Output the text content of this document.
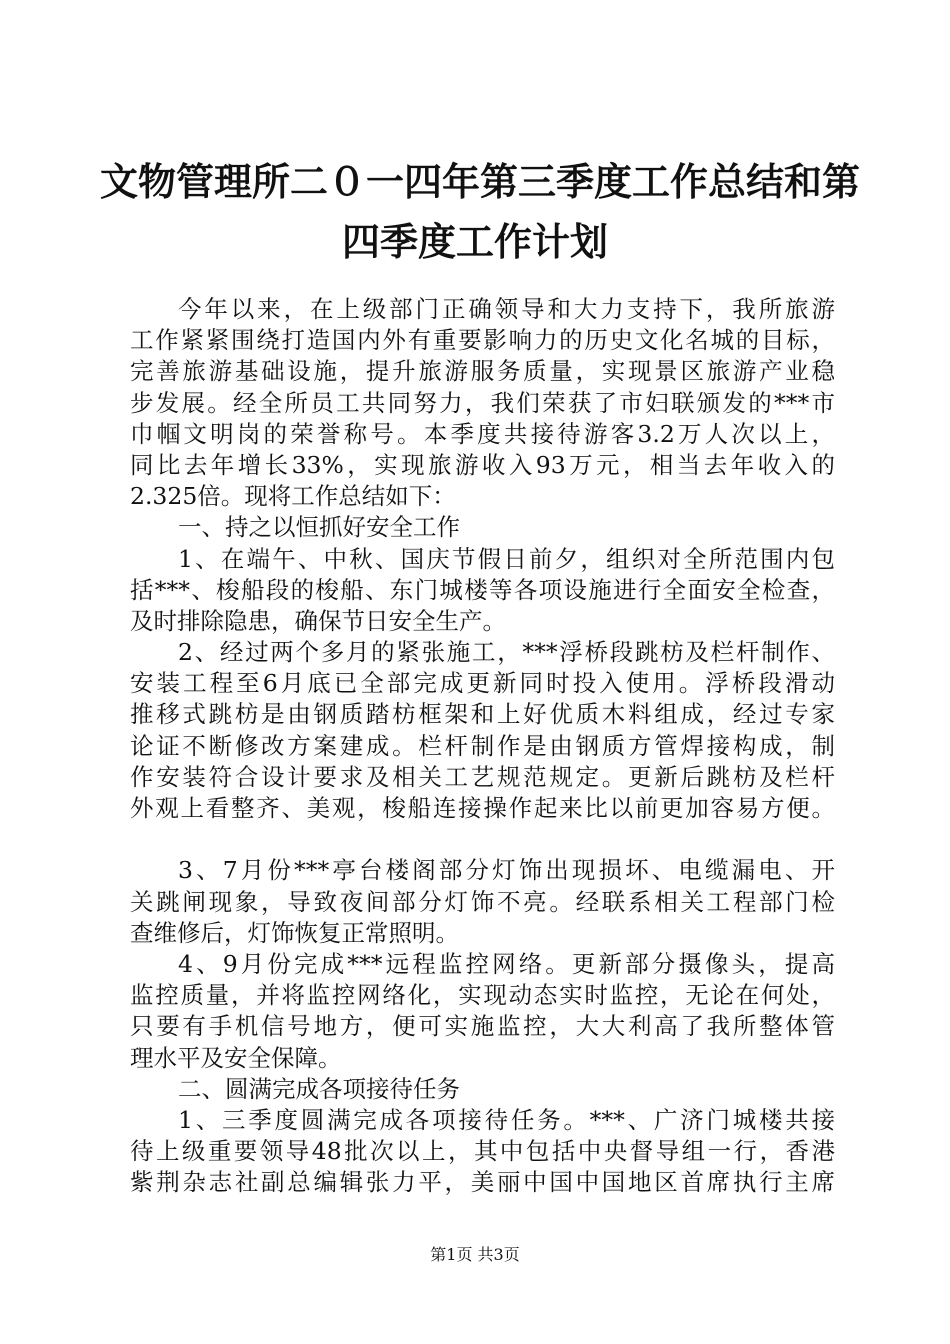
文物管理所二０一四年第三季度工作总结和第
四季度工作计划
今年以来，在上级部门正确领导和大力支持下，我所旅游
工作紧紧围绕打造国内外有重要影响力的历史文化名城的目标，
完善旅游基础设施，提升旅游服务质量，实现景区旅游产业稳
步发展。经全所员工共同努力，我们荣获了市妇联颁发的***市
巾帼文明岗的荣誉称号。本季度共接待游客3.2万人次以上，
同比去年增长33%，实现旅游收入93万元，相当去年收入的
2.325倍。现将工作总结如下：
一、持之以恒抓好安全工作
1、在端午、中秋、国庆节假日前夕，组织对全所范围内包
括***、梭船段的梭船、东门城楼等各项设施进行全面安全检查，
及时排除隐患，确保节日安全生产。
2、经过两个多月的紧张施工，***浮桥段跳枋及栏杆制作、
安装工程至6月底已全部完成更新同时投入使用。浮桥段滑动
推移式跳枋是由钢质踏枋框架和上好优质木料组成，经过专家
论证不断修改方案建成。栏杆制作是由钢质方管焊接构成，制
作安装符合设计要求及相关工艺规范规定。更新后跳枋及栏杆
外观上看整齐、美观，梭船连接操作起来比以前更加容易方便。
3、7月份***亭台楼阁部分灯饰出现损坏、电缆漏电、开
关跳闸现象，导致夜间部分灯饰不亮。经联系相关工程部门检
查维修后，灯饰恢复正常照明。
4、9月份完成***远程监控网络。更新部分摄像头，提高
监控质量，并将监控网络化，实现动态实时监控，无论在何处，
只要有手机信号地方，便可实施监控，大大利高了我所整体管
理水平及安全保障。
二、圆满完成各项接待任务
1、三季度圆满完成各项接待任务。***、广济门城楼共接
待上级重要领导48批次以上，其中包括中央督导组一行，香港
紫荆杂志社副总编辑张力平，美丽中国中国地区首席执行主席
第1页 共3页
